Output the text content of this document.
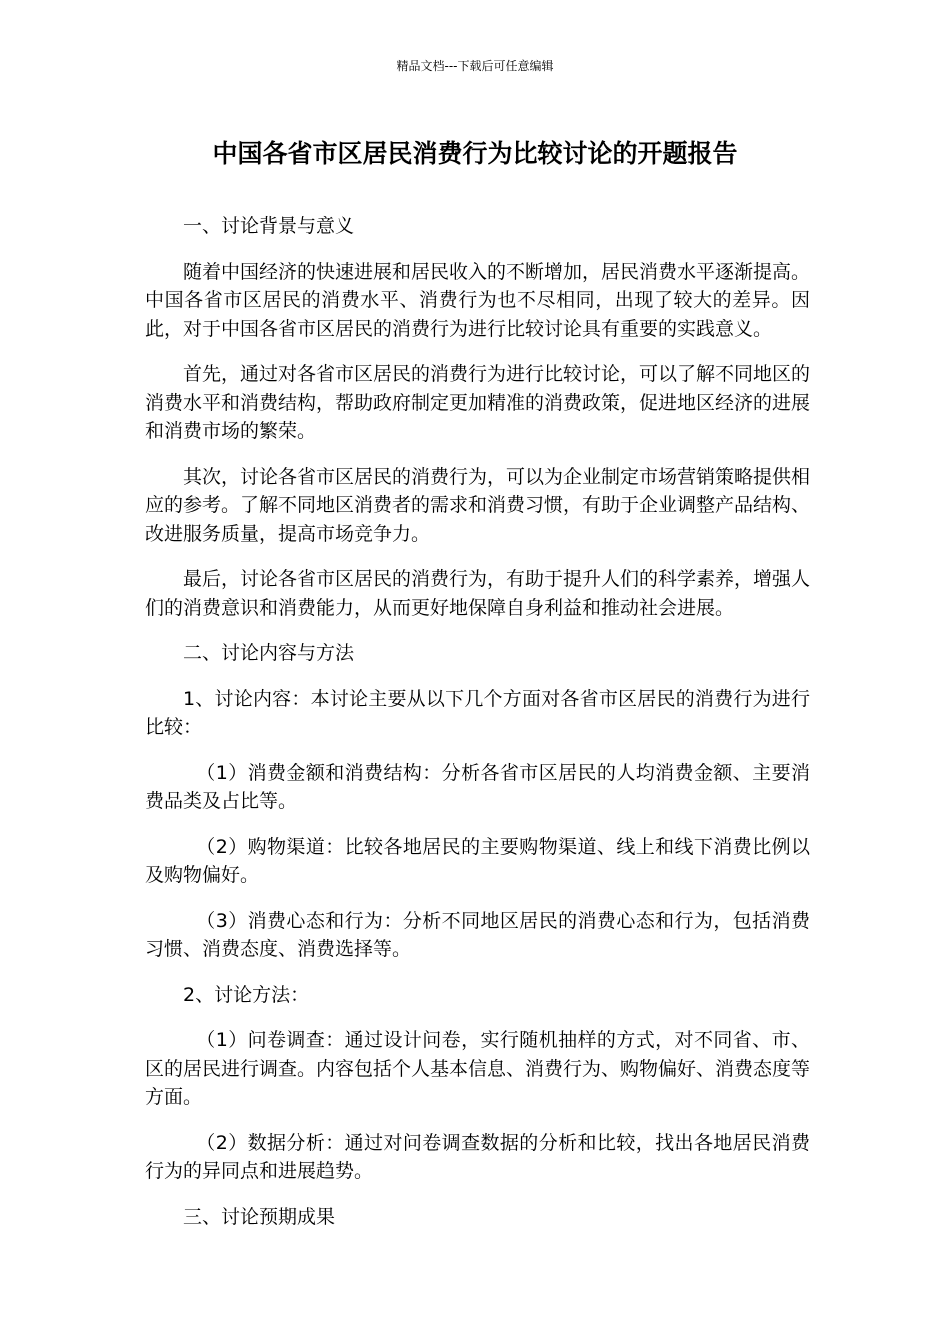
精品文档---下载后可任意编辑
中国各省市区居民消费行为比较讨论的开题报告

一、讨论背景与意义

随着中国经济的快速进展和居民收入的不断增加，居民消费水平逐渐提高。中国各省市区居民的消费水平、消费行为也不尽相同，出现了较大的差异。因此，对于中国各省市区居民的消费行为进行比较讨论具有重要的实践意义。

首先，通过对各省市区居民的消费行为进行比较讨论，可以了解不同地区的消费水平和消费结构，帮助政府制定更加精准的消费政策，促进地区经济的进展和消费市场的繁荣。

其次，讨论各省市区居民的消费行为，可以为企业制定市场营销策略提供相应的参考。了解不同地区消费者的需求和消费习惯，有助于企业调整产品结构、改进服务质量，提高市场竞争力。

最后，讨论各省市区居民的消费行为，有助于提升人们的科学素养，增强人们的消费意识和消费能力，从而更好地保障自身利益和推动社会进展。

二、讨论内容与方法

1、讨论内容：本讨论主要从以下几个方面对各省市区居民的消费行为进行比较：

（1）消费金额和消费结构：分析各省市区居民的人均消费金额、主要消费品类及占比等。

（2）购物渠道：比较各地居民的主要购物渠道、线上和线下消费比例以及购物偏好。

（3）消费心态和行为：分析不同地区居民的消费心态和行为，包括消费习惯、消费态度、消费选择等。

2、讨论方法：

（1）问卷调查：通过设计问卷，实行随机抽样的方式，对不同省、市、区的居民进行调查。内容包括个人基本信息、消费行为、购物偏好、消费态度等方面。

（2）数据分析：通过对问卷调查数据的分析和比较，找出各地居民消费行为的异同点和进展趋势。

三、讨论预期成果
